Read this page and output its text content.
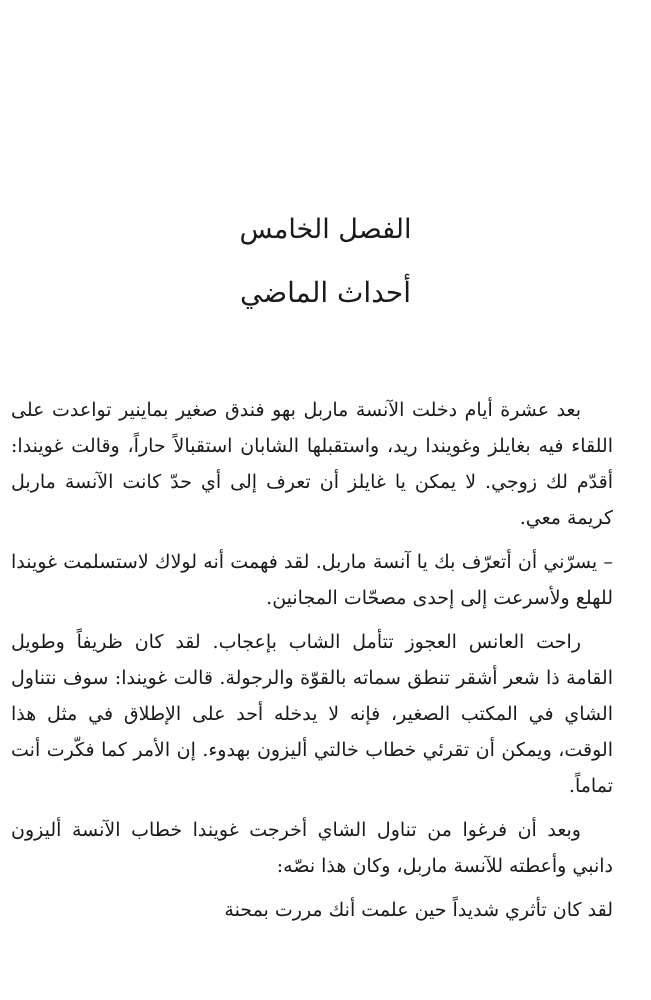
الفصل الخامس
أحداث الماضي

بعد عشرة أيام دخلت الآنسة ماربل بهو فندق صغير بماينير تواعدت على اللقاء فيه بغايلز وغويندا ريد، واستقبلها الشابان استقبالاً حاراً، وقالت غويندا: أقدّم لك زوجي. لا يمكن يا غايلز أن تعرف إلى أي حدّ كانت الآنسة ماربل كريمة معي.

– يسرّني أن أتعرّف بك يا آنسة ماربل. لقد فهمت أنه لولاك لاستسلمت غويندا للهلع ولأسرعت إلى إحدى مصحّات المجانين.

راحت العانس العجوز تتأمل الشاب بإعجاب. لقد كان ظريفاً وطويل القامة ذا شعر أشقر تنطق سماته بالقوّة والرجولة. قالت غويندا: سوف نتناول الشاي في المكتب الصغير، فإنه لا يدخله أحد على الإطلاق في مثل هذا الوقت، ويمكن أن تقرئي خطاب خالتي أليزون بهدوء. إن الأمر كما فكّرت أنت تماماً.

وبعد أن فرغوا من تناول الشاي أخرجت غويندا خطاب الآنسة أليزون دانبي وأعطته للآنسة ماربل، وكان هذا نصّه:

لقد كان تأثري شديداً حين علمت أنك مررت بمحنة
